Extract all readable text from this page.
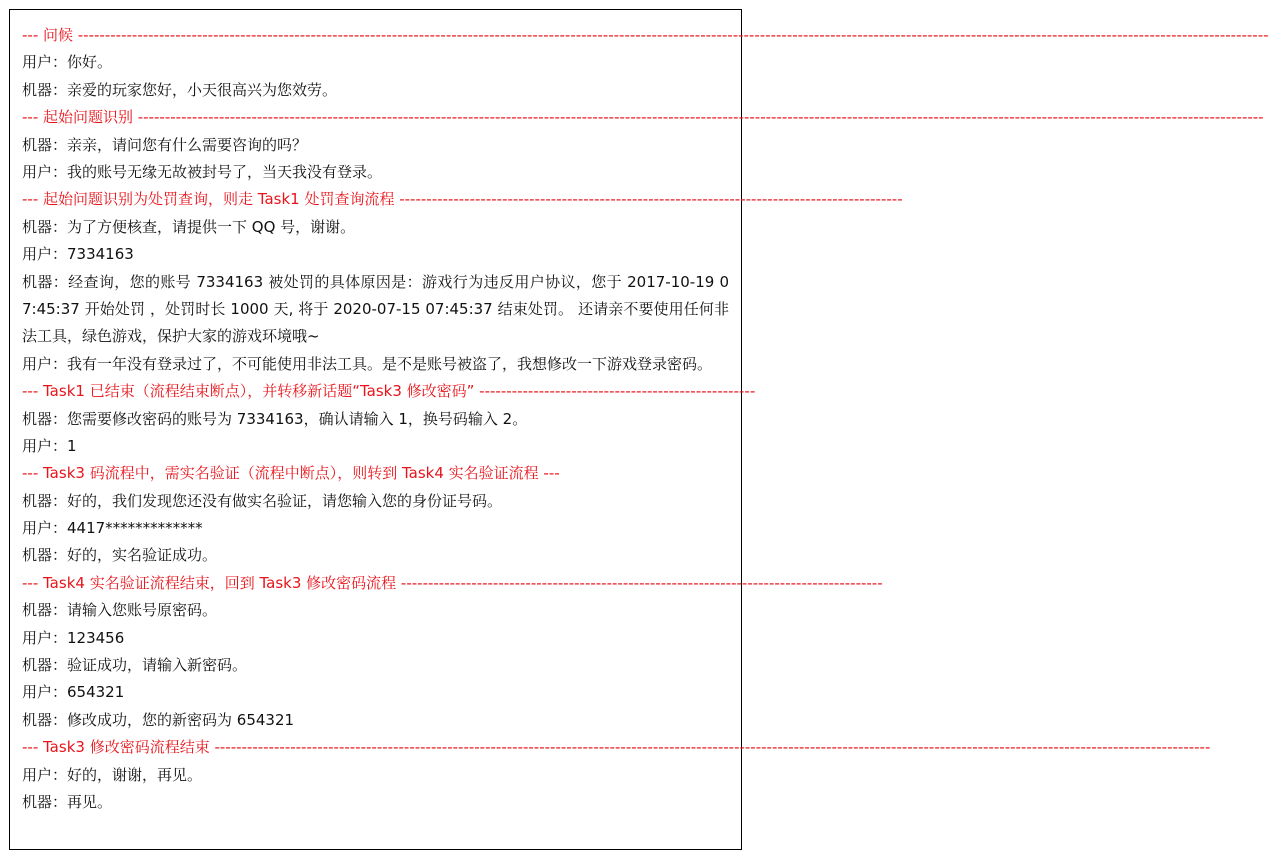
--- 问候 ----------------------------------------------------------------------------------------------------------------------------------------------------------------------------------------------------------------------------
用户：你好。
机器：亲爱的玩家您好，小天很高兴为您效劳。
--- 起始问题识别 ----------------------------------------------------------------------------------------------------------------------------------------------------------------------------------------------------------------
机器：亲亲，请问您有什么需要咨询的吗？
用户：我的账号无缘无故被封号了，当天我没有登录。
--- 起始问题识别为处罚查询，则走 Task1 处罚查询流程 ---------------------------------------------------------------------------------------------
机器：为了方便核查，请提供一下 QQ 号，谢谢。
用户：7334163
机器：经查询，您的账号 7334163 被处罚的具体原因是：游戏行为违反用户协议，您于 2017-10-19 07:45:37 开始处罚 ，处罚时长 1000 天, 将于 2020-07-15 07:45:37 结束处罚。 还请亲不要使用任何非法工具，绿色游戏，保护大家的游戏环境哦~
用户：我有一年没有登录过了，不可能使用非法工具。是不是账号被盗了，我想修改一下游戏登录密码。
--- Task1 已结束（流程结束断点），并转移新话题“Task3 修改密码” ---------------------------------------------------
机器：您需要修改密码的账号为 7334163，确认请输入 1，换号码输入 2。
用户：1
--- Task3 码流程中，需实名验证（流程中断点），则转到 Task4 实名验证流程 ---
机器：好的，我们发现您还没有做实名验证，请您输入您的身份证号码。
用户：4417*************
机器：好的，实名验证成功。
--- Task4 实名验证流程结束，回到 Task3 修改密码流程 -----------------------------------------------------------------------------------------
机器：请输入您账号原密码。
用户：123456
机器：验证成功，请输入新密码。
用户：654321
机器：修改成功，您的新密码为 654321
--- Task3 修改密码流程结束 ----------------------------------------------------------------------------------------------------------------------------------------------------------------------------------------
用户：好的，谢谢，再见。
机器：再见。
